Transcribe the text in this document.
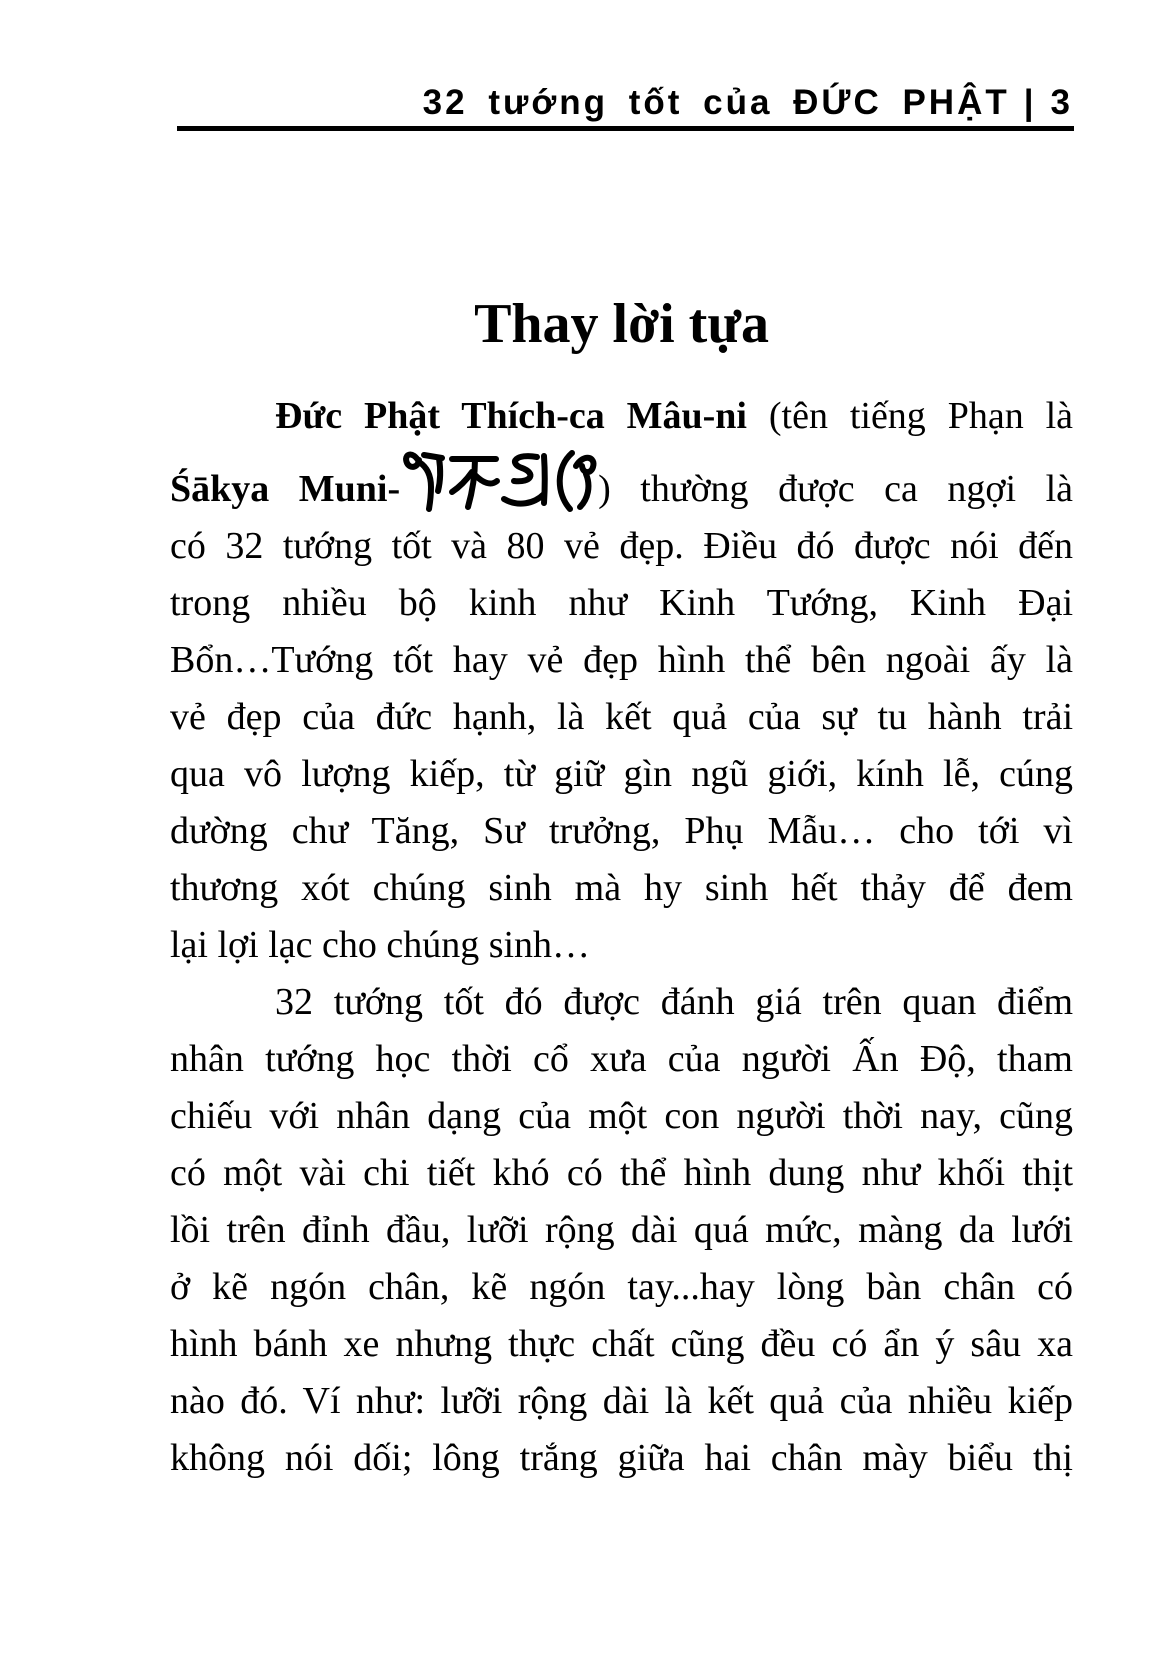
32 tướng tốt của ĐỨC PHẬT | 3
Thay lời tựa
Đức Phật Thích-ca Mâu-ni (tên tiếng Phạn là
Śākya Muni-	) thường được ca ngợi là
có 32 tướng tốt và 80 vẻ đẹp. Điều đó được nói đến
trong nhiều bộ kinh như Kinh Tướng, Kinh Đại
Bổn…Tướng tốt hay vẻ đẹp hình thể bên ngoài ấy là
vẻ đẹp của đức hạnh, là kết quả của sự tu hành trải
qua vô lượng kiếp, từ giữ gìn ngũ giới, kính lễ, cúng
dường chư Tăng, Sư trưởng, Phụ Mẫu… cho tới vì
thương xót chúng sinh mà hy sinh hết thảy để đem
lại lợi lạc cho chúng sinh…
32 tướng tốt đó được đánh giá trên quan điểm
nhân tướng học thời cổ xưa của người Ấn Độ, tham
chiếu với nhân dạng của một con người thời nay, cũng
có một vài chi tiết khó có thể hình dung như khối thịt
lồi trên đỉnh đầu, lưỡi rộng dài quá mức, màng da lưới
ở kẽ ngón chân, kẽ ngón tay...hay lòng bàn chân có
hình bánh xe nhưng thực chất cũng đều có ẩn ý sâu xa
nào đó. Ví như: lưỡi rộng dài là kết quả của nhiều kiếp
không nói dối; lông trắng giữa hai chân mày biểu thị
